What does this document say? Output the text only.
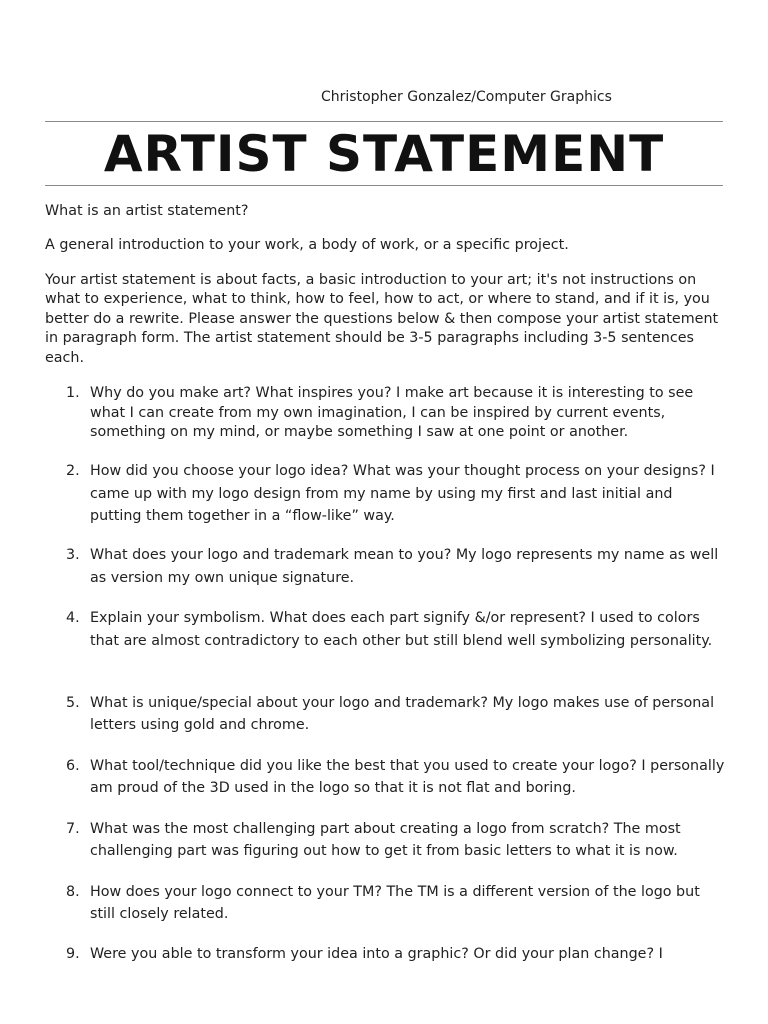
Christopher Gonzalez/Computer Graphics
ARTIST STATEMENT

What is an artist statement?

A general introduction to your work, a body of work, or a specific project.

Your artist statement is about facts, a basic introduction to your art; it's not instructions on what to experience, what to think, how to feel, how to act, or where to stand, and if it is, you better do a rewrite. Please answer the questions below & then compose your artist statement in paragraph form. The artist statement should be 3-5 paragraphs including 3-5 sentences each.

1. Why do you make art? What inspires you? I make art because it is interesting to see what I can create from my own imagination, I can be inspired by current events, something on my mind, or maybe something I saw at one point or another.
2. How did you choose your logo idea? What was your thought process on your designs? I came up with my logo design from my name by using my first and last initial and putting them together in a “flow-like” way.
3. What does your logo and trademark mean to you? My logo represents my name as well as version my own unique signature.
4. Explain your symbolism. What does each part signify &/or represent? I used to colors that are almost contradictory to each other but still blend well symbolizing personality.
5. What is unique/special about your logo and trademark? My logo makes use of personal letters using gold and chrome.
6. What tool/technique did you like the best that you used to create your logo? I personally am proud of the 3D used in the logo so that it is not flat and boring.
7. What was the most challenging part about creating a logo from scratch? The most challenging part was figuring out how to get it from basic letters to what it is now.
8. How does your logo connect to your TM? The TM is a different version of the logo but still closely related.
9. Were you able to transform your idea into a graphic? Or did your plan change? I
